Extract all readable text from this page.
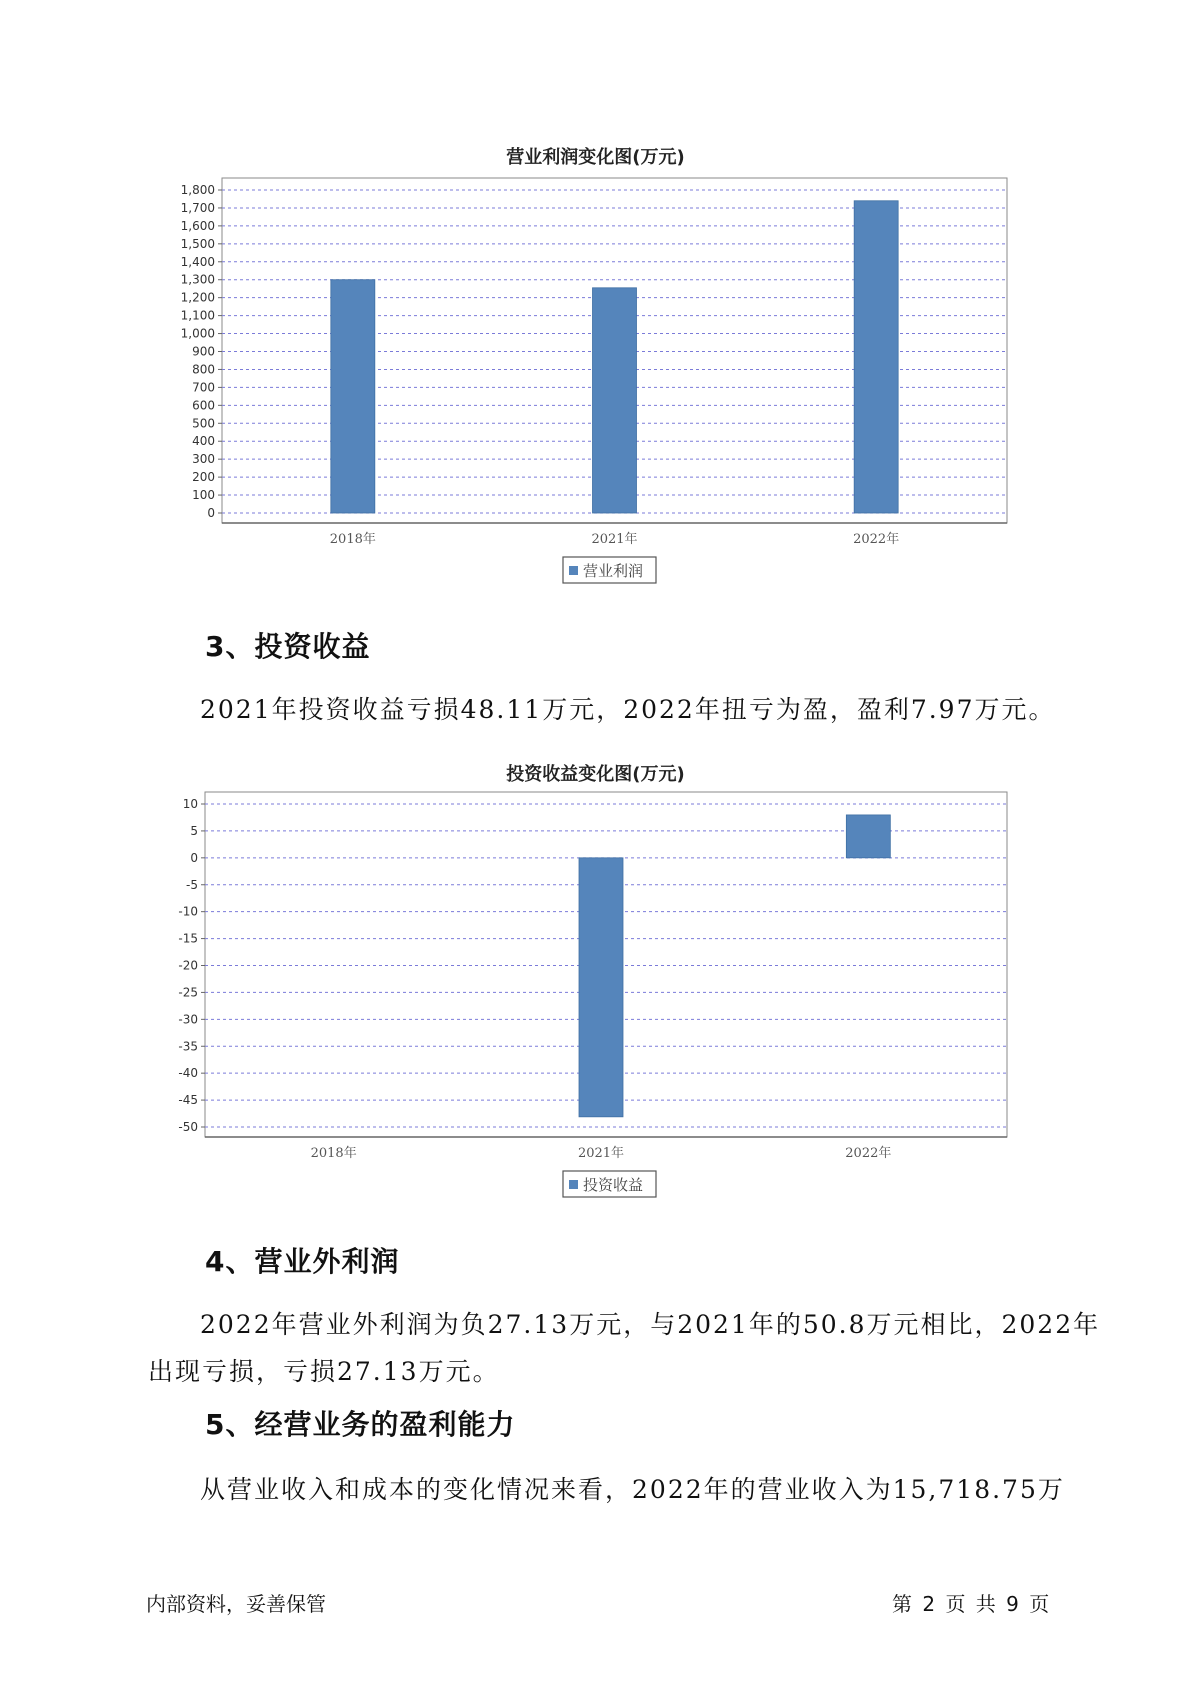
营业利润变化图(万元)
0
100
200
300
400
500
600
700
800
900
1,000
1,100
1,200
1,300
1,400
1,500
1,600
1,700
1,800
2018年	2021年	2022年
营业利润
3、投资收益
2021年投资收益亏损48.11万元，2022年扭亏为盈，盈利7.97万元。
投资收益变化图(万元)
-50
-45
-40
-35
-30
-25
-20
-15
-10
-5
0
5
10
2018年	2021年	2022年
投资收益
4、营业外利润
2022年营业外利润为负27.13万元，与2021年的50.8万元相比，2022年
出现亏损，亏损27.13万元。
5、经营业务的盈利能力
从营业收入和成本的变化情况来看，2022年的营业收入为15,718.75万
内部资料，妥善保管	第 2 页 共 9 页
